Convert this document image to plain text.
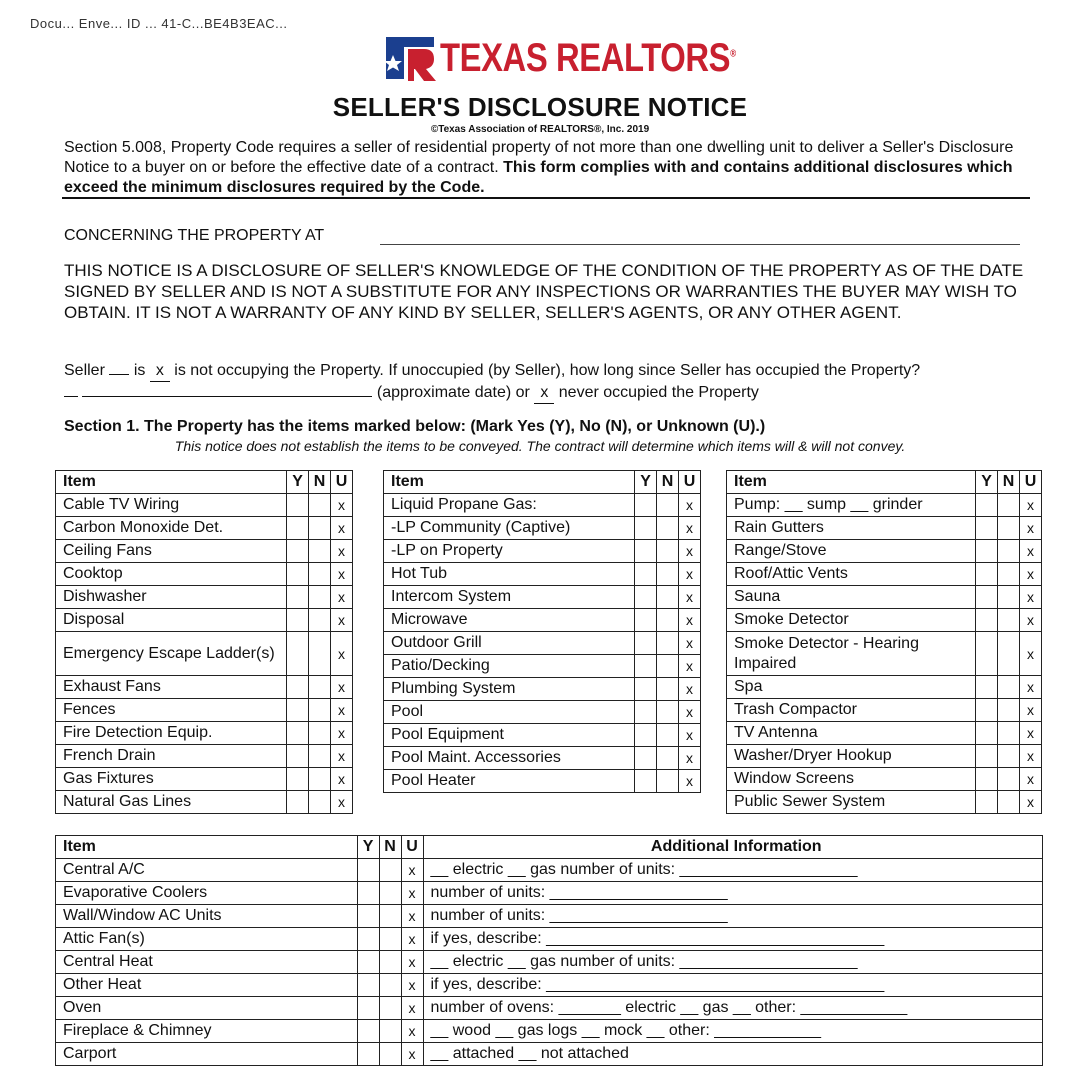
Docu... Enve... ID ... 41-C...BE4B3EAC...
TEXAS REALTORS®
SELLER'S DISCLOSURE NOTICE
©Texas Association of REALTORS®, Inc. 2019
Section 5.008, Property Code requires a seller of residential property of not more than one dwelling unit to deliver a Seller's Disclosure Notice to a buyer on or before the effective date of a contract. This form complies with and contains additional disclosures which exceed the minimum disclosures required by the Code.
CONCERNING THE PROPERTY AT
THIS NOTICE IS A DISCLOSURE OF SELLER'S KNOWLEDGE OF THE CONDITION OF THE PROPERTY AS OF THE DATE SIGNED BY SELLER AND IS NOT A SUBSTITUTE FOR ANY INSPECTIONS OR WARRANTIES THE BUYER MAY WISH TO OBTAIN. IT IS NOT A WARRANTY OF ANY KIND BY SELLER, SELLER'S AGENTS, OR ANY OTHER AGENT.
Seller is x is not occupying the Property. If unoccupied (by Seller), how long since Seller has occupied the Property?
(approximate date) or x never occupied the Property
Section 1. The Property has the items marked below: (Mark Yes (Y), No (N), or Unknown (U).)
This notice does not establish the items to be conveyed. The contract will determine which items will & will not convey.
Item	Y	N	U
Cable TV Wiring			x
Carbon Monoxide Det.			x
Ceiling Fans			x
Cooktop			x
Dishwasher			x
Disposal			x
Emergency Escape Ladder(s)			x
Exhaust Fans			x
Fences			x
Fire Detection Equip.			x
French Drain			x
Gas Fixtures			x
Natural Gas Lines			x
Item	Y	N	U
Liquid Propane Gas:			x
-LP Community (Captive)			x
-LP on Property			x
Hot Tub			x
Intercom System			x
Microwave			x
Outdoor Grill			x
Patio/Decking			x
Plumbing System			x
Pool			x
Pool Equipment			x
Pool Maint. Accessories			x
Pool Heater			x
Item	Y	N	U
Pump: __ sump __ grinder			x
Rain Gutters			x
Range/Stove			x
Roof/Attic Vents			x
Sauna			x
Smoke Detector			x
Smoke Detector - Hearing Impaired			x
Spa			x
Trash Compactor			x
TV Antenna			x
Washer/Dryer Hookup			x
Window Screens			x
Public Sewer System			x
Item	Y	N	U	Additional Information
Central A/C			x	__ electric __ gas number of units: ____________________
Evaporative Coolers			x	number of units: ____________________
Wall/Window AC Units			x	number of units: ____________________
Attic Fan(s)			x	if yes, describe: ______________________________________
Central Heat			x	__ electric __ gas number of units: ____________________
Other Heat			x	if yes, describe: ______________________________________
Oven			x	number of ovens: _______ electric __ gas __ other: ____________
Fireplace & Chimney			x	__ wood __ gas logs __ mock __ other: ____________
Carport			x	__ attached __ not attached
